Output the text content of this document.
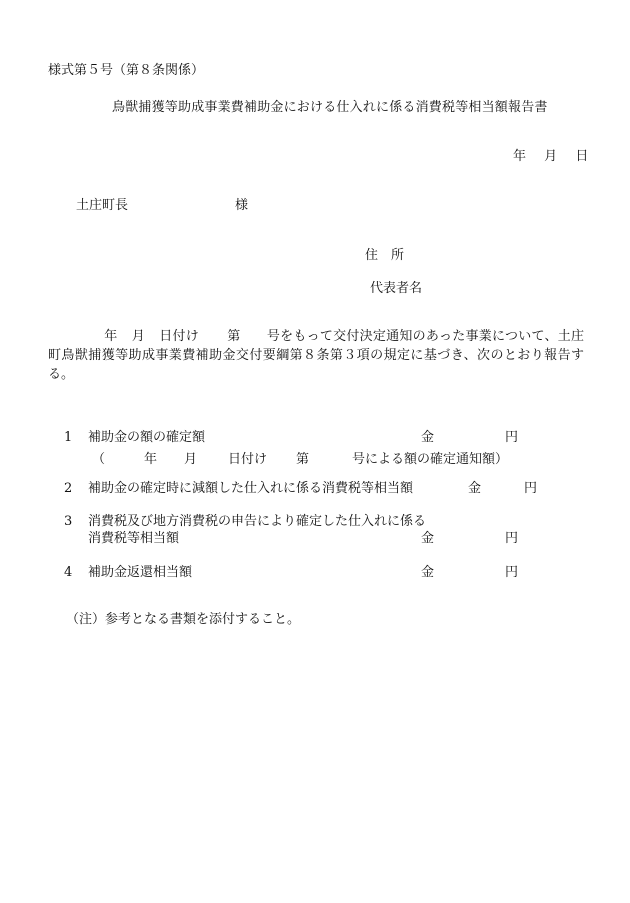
様式第５号（第８条関係）
鳥獣捕獲等助成事業費補助金における仕入れに係る消費税等相当額報告書
年 月 日
土庄町長	様
住　所
代表者名
年 月 日付け 第 号をもって交付決定通知のあった事業について、土庄町鳥獣捕獲等助成事業費補助金交付要綱第８条第３項の規定に基づき、次のとおり報告する。
1 補助金の額の確定額	金	円
（	年 月 日付け 第	号による額の確定通知額）
2 補助金の確定時に減額した仕入れに係る消費税等相当額	金	円
3 消費税及び地方消費税の申告により確定した仕入れに係る
消費税等相当額	金	円
4 補助金返還相当額	金	円
（注）参考となる書類を添付すること。
